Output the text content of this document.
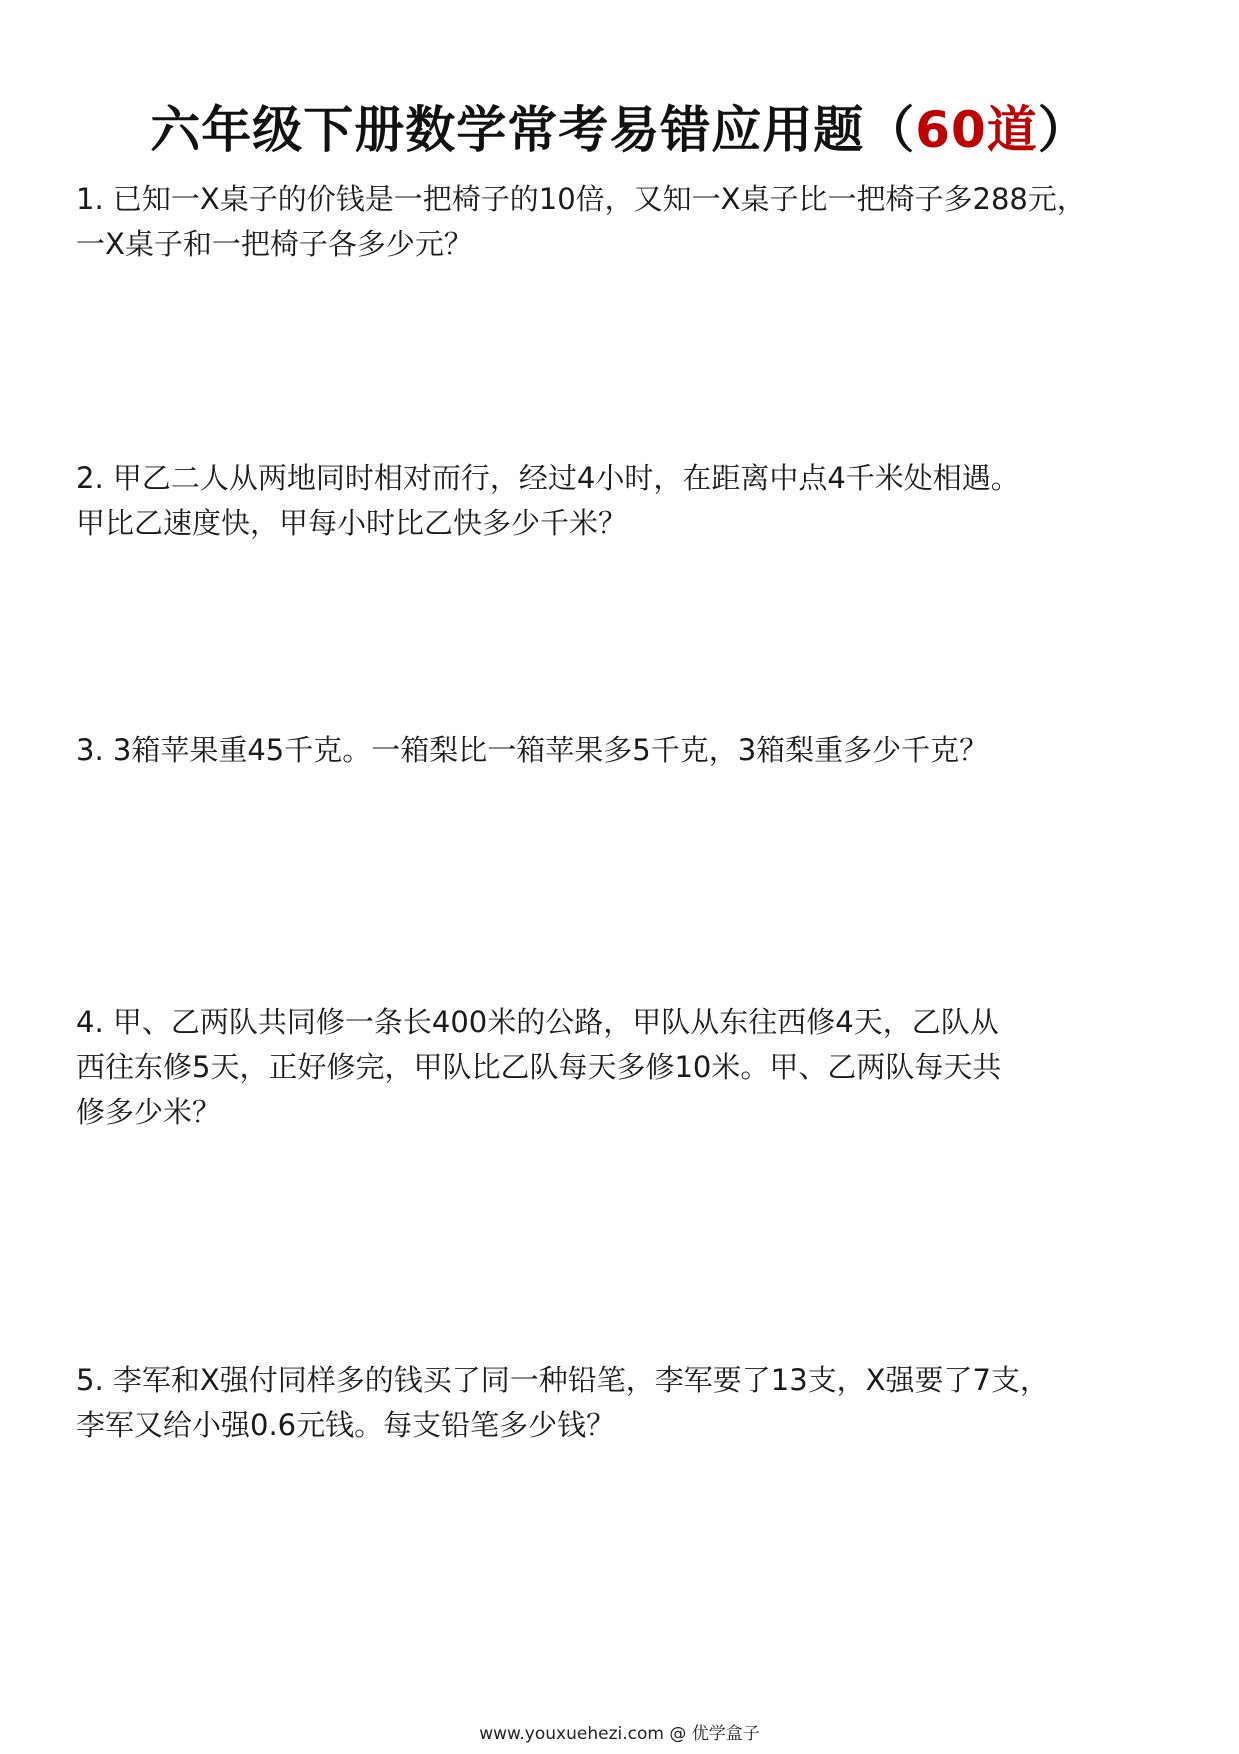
六年级下册数学常考易错应用题（60道）
1. 已知一X桌子的价钱是一把椅子的10倍，又知一X桌子比一把椅子多288元，
一X桌子和一把椅子各多少元？
2. 甲乙二人从两地同时相对而行，经过4小时，在距离中点4千米处相遇。
甲比乙速度快，甲每小时比乙快多少千米？
3. 3箱苹果重45千克。一箱梨比一箱苹果多5千克，3箱梨重多少千克？
4. 甲、乙两队共同修一条长400米的公路，甲队从东往西修4天，乙队从
西往东修5天，正好修完，甲队比乙队每天多修10米。甲、乙两队每天共
修多少米？
5. 李军和X强付同样多的钱买了同一种铅笔，李军要了13支，X强要了7支，
李军又给小强0.6元钱。每支铅笔多少钱？
www.youxuehezi.com @ 优学盒子
